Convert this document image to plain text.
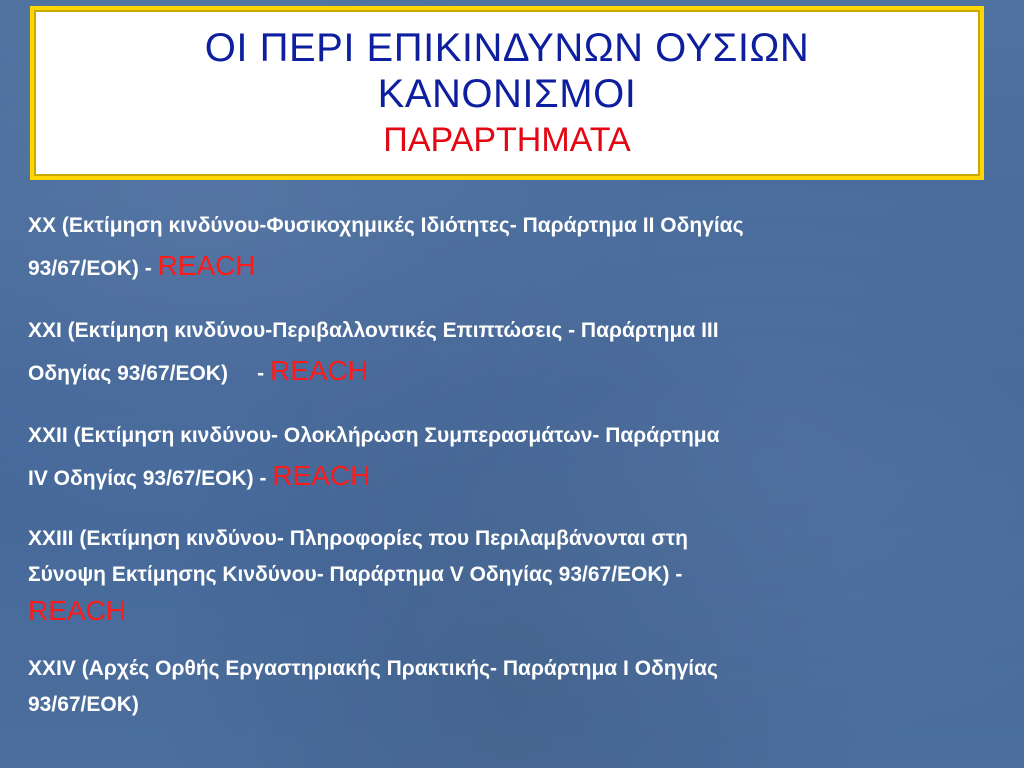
ΟΙ ΠΕΡΙ ΕΠΙΚΙΝΔΥΝΩΝ ΟΥΣΙΩΝ
ΚΑΝΟΝΙΣΜΟΙ
ΠΑΡΑΡΤΗΜΑΤΑ
XX (Εκτίμηση κινδύνου-Φυσικοχημικές Ιδιότητες- Παράρτημα ΙΙ Οδηγίας
93/67/ΕΟΚ) - REACH
XXI (Εκτίμηση κινδύνου-Περιβαλλοντικές Επιπτώσεις - Παράρτημα ΙΙΙ
Οδηγίας 93/67/ΕΟΚ)     - REACH
XXII (Εκτίμηση κινδύνου- Ολοκλήρωση Συμπερασμάτων- Παράρτημα
IV Οδηγίας 93/67/ΕΟΚ) - REACH
XXIII (Εκτίμηση κινδύνου- Πληροφορίες που Περιλαμβάνονται στη
Σύνοψη Εκτίμησης Κινδύνου- Παράρτημα V Οδηγίας 93/67/ΕΟΚ) -
REACH
XXIV (Αρχές Ορθής Εργαστηριακής Πρακτικής- Παράρτημα Ι Οδηγίας
93/67/ΕΟΚ)
